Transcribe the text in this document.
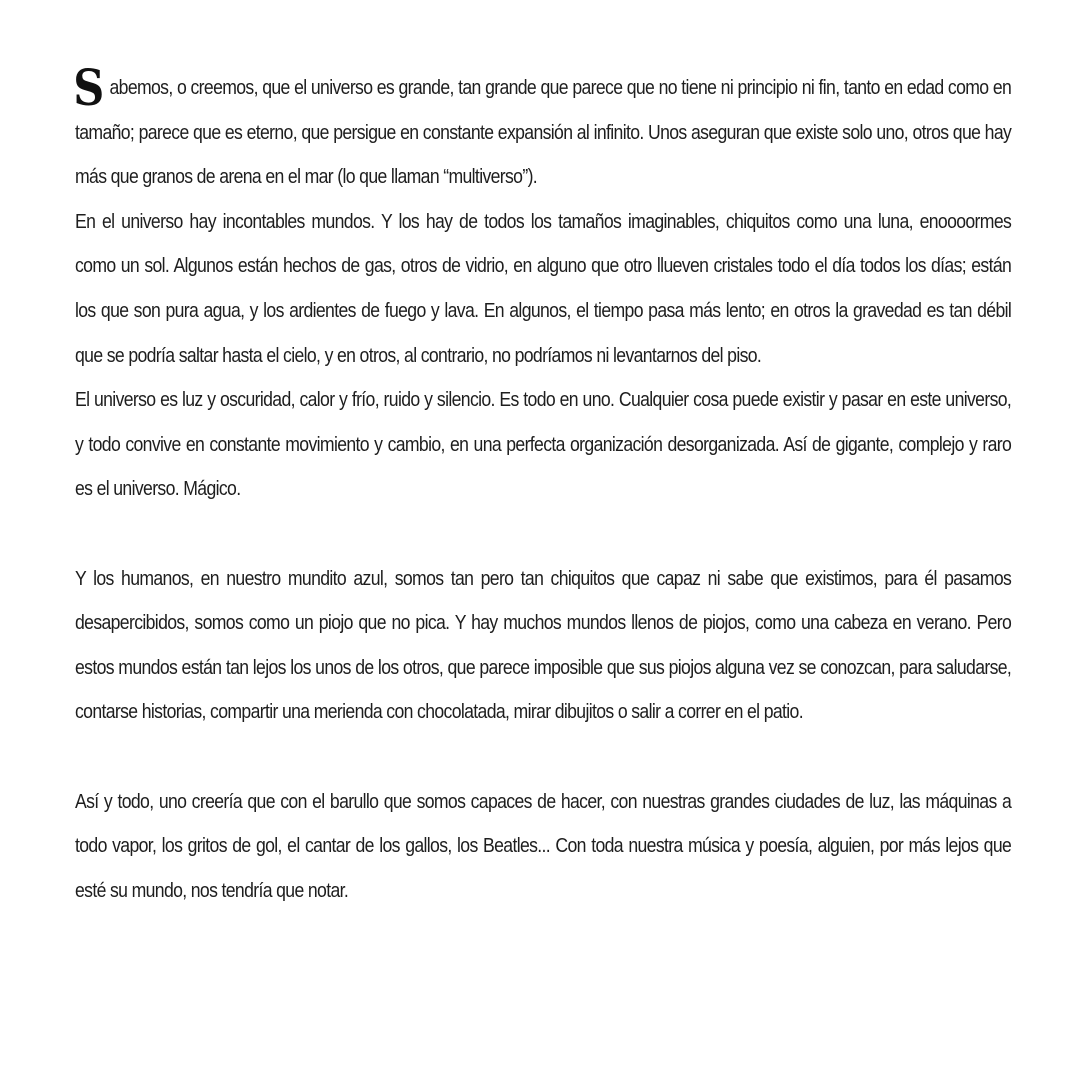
Sabemos, o creemos, que el universo es grande, tan grande que parece que no tiene ni principio ni fin, tanto en edad como en tamaño; parece que es eterno, que persigue en constante expansión al infinito. Unos aseguran que existe solo uno, otros que hay más que granos de arena en el mar (lo que llaman “multiverso”).

En el universo hay incontables mundos. Y los hay de todos los tamaños imaginables, chiquitos como una luna, enoooormes como un sol. Algunos están hechos de gas, otros de vidrio, en alguno que otro llueven cristales todo el día todos los días; están los que son pura agua, y los ardientes de fuego y lava. En algunos, el tiempo pasa más lento; en otros la gravedad es tan débil que se podría saltar hasta el cielo, y en otros, al contrario, no podríamos ni levantarnos del piso.

El universo es luz y oscuridad, calor y frío, ruido y silencio. Es todo en uno. Cualquier cosa puede existir y pasar en este universo, y todo convive en constante movimiento y cambio, en una perfecta organización desorganizada. Así de gigante, complejo y raro es el universo. Mágico.

Y los humanos, en nuestro mundito azul, somos tan pero tan chiquitos que capaz ni sabe que existimos, para él pasamos desapercibidos, somos como un piojo que no pica. Y hay muchos mundos llenos de piojos, como una cabeza en verano. Pero estos mundos están tan lejos los unos de los otros, que parece imposible que sus piojos alguna vez se conozcan, para saludarse, contarse historias, compartir una merienda con chocolatada, mirar dibujitos o salir a correr en el patio.

Así y todo, uno creería que con el barullo que somos capaces de hacer, con nuestras grandes ciudades de luz, las máquinas a todo vapor, los gritos de gol, el cantar de los gallos, los Beatles... Con toda nuestra música y poesía, alguien, por más lejos que esté su mundo, nos tendría que notar.
